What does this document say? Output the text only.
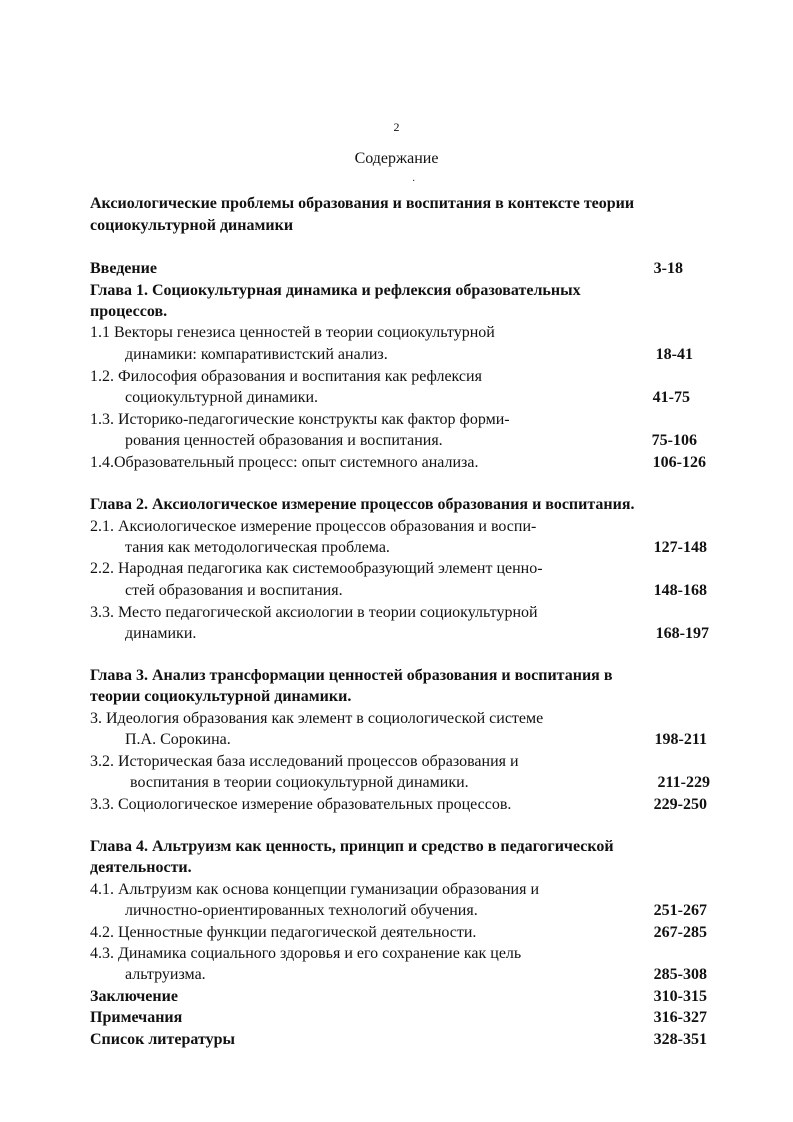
2
Содержание
·
Аксиологические проблемы образования и воспитания в контексте теории
социокультурной динамики
Введение	3-18
Глава 1. Социокультурная динамика и рефлексия образовательных
процессов.
1.1 Векторы генезиса ценностей в теории социокультурной
динамики: компаративистский анализ.	18-41
1.2. Философия образования и воспитания как рефлексия
социокультурной динамики.	41-75
1.3. Историко-педагогические конструкты как фактор форми-
рования ценностей образования и воспитания.	75-106
1.4.Образовательный процесс: опыт системного анализа.	106-126
Глава 2. Аксиологическое измерение процессов образования и воспитания.
2.1. Аксиологическое измерение процессов образования и воспи-
тания как методологическая проблема.	127-148
2.2. Народная педагогика как системообразующий элемент ценно-
стей образования и воспитания.	148-168
3.3. Место педагогической аксиологии в теории социокультурной
динамики.	168-197
Глава 3. Анализ трансформации ценностей образования и воспитания в
теории социокультурной динамики.
3. Идеология образования как элемент в социологической системе
П.А. Сорокина.	198-211
3.2. Историческая база исследований процессов образования и
воспитания в теории социокультурной динамики.	211-229
3.3. Социологическое измерение образовательных процессов.	229-250
Глава 4. Альтруизм как ценность, принцип и средство в педагогической
деятельности.
4.1. Альтруизм как основа концепции гуманизации образования и
личностно-ориентированных технологий обучения.	251-267
4.2. Ценностные функции педагогической деятельности.	267-285
4.3. Динамика социального здоровья и его сохранение как цель
альтруизма.	285-308
Заключение	310-315
Примечания	316-327
Список литературы	328-351
